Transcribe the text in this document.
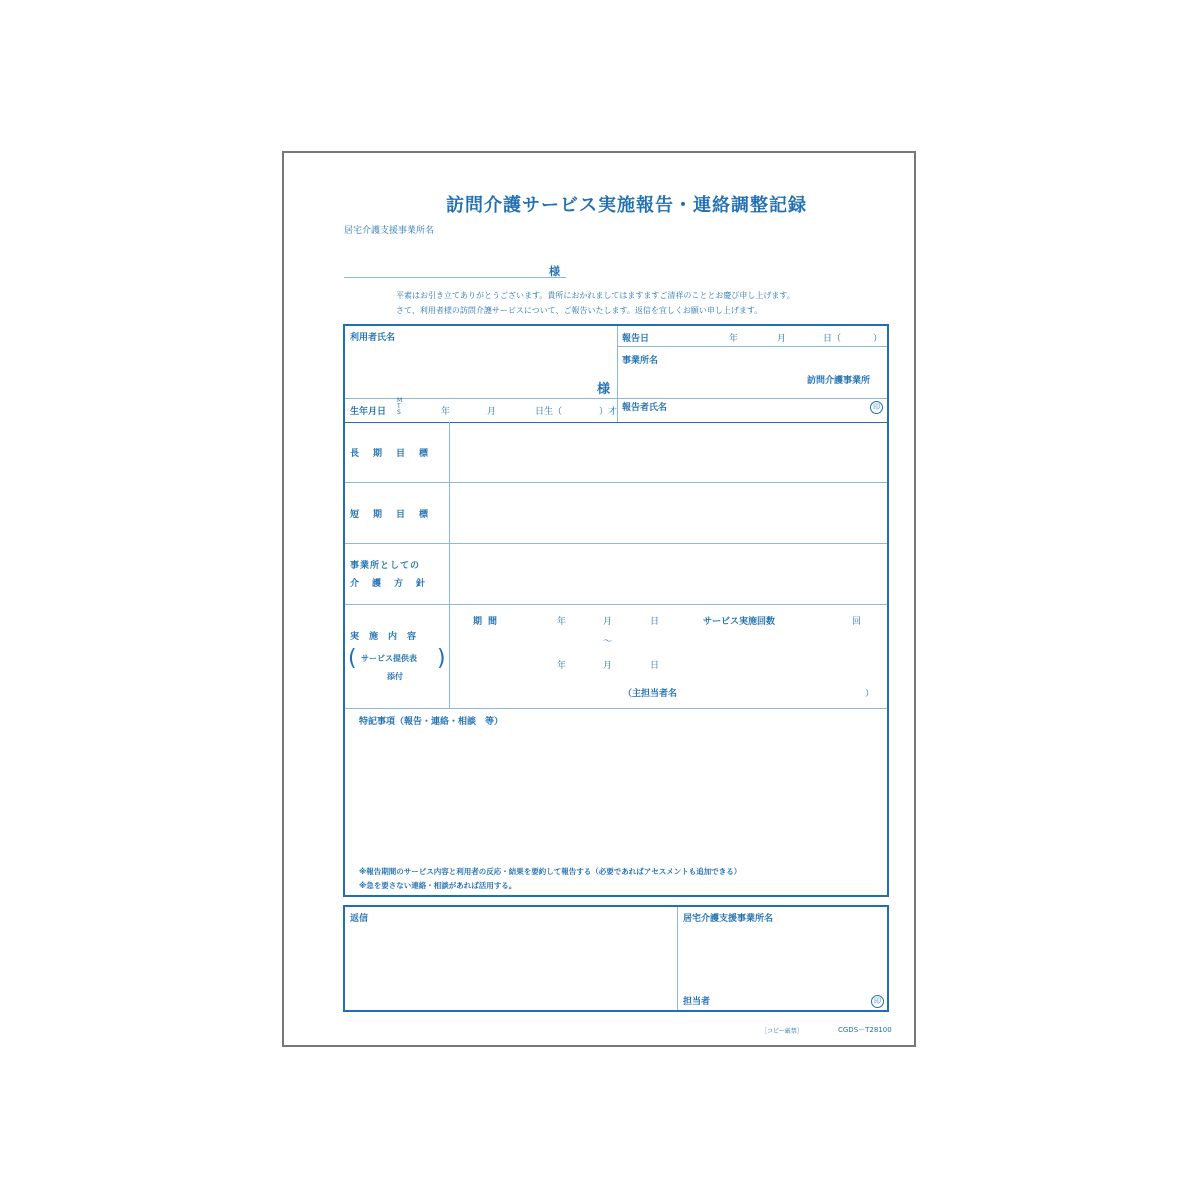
訪問介護サービス実施報告・連絡調整記録
居宅介護支援事業所名
様
平素はお引き立てありがとうございます。貴所におかれましてはますますご清祥のこととお慶び申し上げます。
さて、利用者様の訪問介護サービスについて、ご報告いたします。返信を宜しくお願い申し上げます。
利用者氏名
様
生年月日
M T S	年	月	日生（	）才
報告日	年	月	日（	）
事業所名
訪問介護事業所
報告者氏名	印
長期目標
短期目標
事業所としての
介護方針
実施内容
( サービス提供表
添付
)
期間	年	月	日	サービス実施回数	回
～
年	月	日
（主担当者名	）
特記事項（報告・連絡・相談　等）
※報告期間のサービス内容と利用者の反応・結果を要約して報告する（必要であればアセスメントも追加できる）
※急を要さない連絡・相談があれば活用する。
返信	居宅介護支援事業所名
担当者	印
［コピー厳禁］	CGDS－T28100
